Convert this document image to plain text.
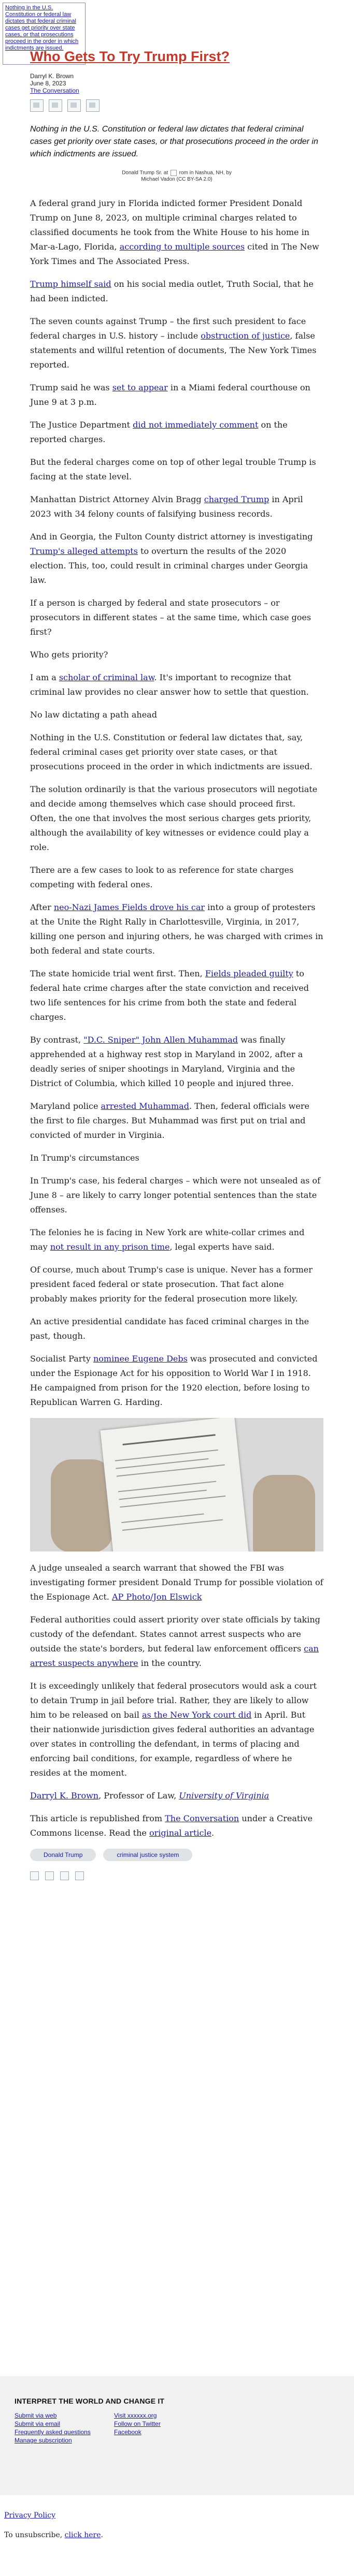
Nothing in the U.S. Constitution or federal law dictates that federal criminal cases get priority over state cases, or that prosecutions proceed in the order in which indictments are issued.
Who Gets To Try Trump First?
Darryl K. Brown
June 8, 2023
The Conversation
Nothing in the U.S. Constitution or federal law dictates that federal criminal cases get priority over state cases, or that prosecutions proceed in the order in which indictments are issued.
Donald Trump Sr. at rom in Nashua, NH, by
Michael Vadon (CC BY-SA 2.0)

A federal grand jury in Florida indicted former President Donald Trump on June 8, 2023, on multiple criminal charges related to classified documents he took from the White House to his home in Mar-a-Lago, Florida, according to multiple sources cited in The New York Times and The Associated Press.

Trump himself said on his social media outlet, Truth Social, that he had been indicted.

The seven counts against Trump – the first such president to face federal charges in U.S. history – include obstruction of justice, false statements and willful retention of documents, The New York Times reported.

Trump said he was set to appear in a Miami federal courthouse on June 9 at 3 p.m.

The Justice Department did not immediately comment on the reported charges.

But the federal charges come on top of other legal trouble Trump is facing at the state level.

Manhattan District Attorney Alvin Bragg charged Trump in April 2023 with 34 felony counts of falsifying business records.

And in Georgia, the Fulton County district attorney is investigating Trump's alleged attempts to overturn the results of the 2020 election. This, too, could result in criminal charges under Georgia law.

If a person is charged by federal and state prosecutors – or prosecutors in different states – at the same time, which case goes first?

Who gets priority?

I am a scholar of criminal law. It's important to recognize that criminal law provides no clear answer how to settle that question.

No law dictating a path ahead

Nothing in the U.S. Constitution or federal law dictates that, say, federal criminal cases get priority over state cases, or that prosecutions proceed in the order in which indictments are issued.

The solution ordinarily is that the various prosecutors will negotiate and decide among themselves which case should proceed first. Often, the one that involves the most serious charges gets priority, although the availability of key witnesses or evidence could play a role.

There are a few cases to look to as reference for state charges competing with federal ones.

After neo-Nazi James Fields drove his car into a group of protesters at the Unite the Right Rally in Charlottesville, Virginia, in 2017, killing one person and injuring others, he was charged with crimes in both federal and state courts.

The state homicide trial went first. Then, Fields pleaded guilty to federal hate crime charges after the state conviction and received two life sentences for his crime from both the state and federal charges.

By contrast, "D.C. Sniper" John Allen Muhammad was finally apprehended at a highway rest stop in Maryland in 2002, after a deadly series of sniper shootings in Maryland, Virginia and the District of Columbia, which killed 10 people and injured three.

Maryland police arrested Muhammad. Then, federal officials were the first to file charges. But Muhammad was first put on trial and convicted of murder in Virginia.

In Trump's circumstances

In Trump's case, his federal charges – which were not unsealed as of June 8 – are likely to carry longer potential sentences than the state offenses.

The felonies he is facing in New York are white-collar crimes and may not result in any prison time, legal experts have said.

Of course, much about Trump's case is unique. Never has a former president faced federal or state prosecution. That fact alone probably makes priority for the federal prosecution more likely.

An active presidential candidate has faced criminal charges in the past, though.

Socialist Party nominee Eugene Debs was prosecuted and convicted under the Espionage Act for his opposition to World War I in 1918. He campaigned from prison for the 1920 election, before losing to Republican Warren G. Harding.

A judge unsealed a search warrant that showed the FBI was investigating former president Donald Trump for possible violation of the Espionage Act. AP Photo/Jon Elswick

Federal authorities could assert priority over state officials by taking custody of the defendant. States cannot arrest suspects who are outside the state's borders, but federal law enforcement officers can arrest suspects anywhere in the country.

It is exceedingly unlikely that federal prosecutors would ask a court to detain Trump in jail before trial. Rather, they are likely to allow him to be released on bail as the New York court did in April. But their nationwide jurisdiction gives federal authorities an advantage over states in controlling the defendant, in terms of placing and enforcing bail conditions, for example, regardless of where he resides at the moment.

Darryl K. Brown, Professor of Law, University of Virginia

This article is republished from The Conversation under a Creative Commons license. Read the original article.

Donald Trump	criminal justice system
INTERPRET THE WORLD AND CHANGE IT
Submit via web
Submit via email
Frequently asked questions
Manage subscription
Visit xxxxxx.org
Follow on Twitter
Facebook
Privacy Policy
To unsubscribe, click here.
